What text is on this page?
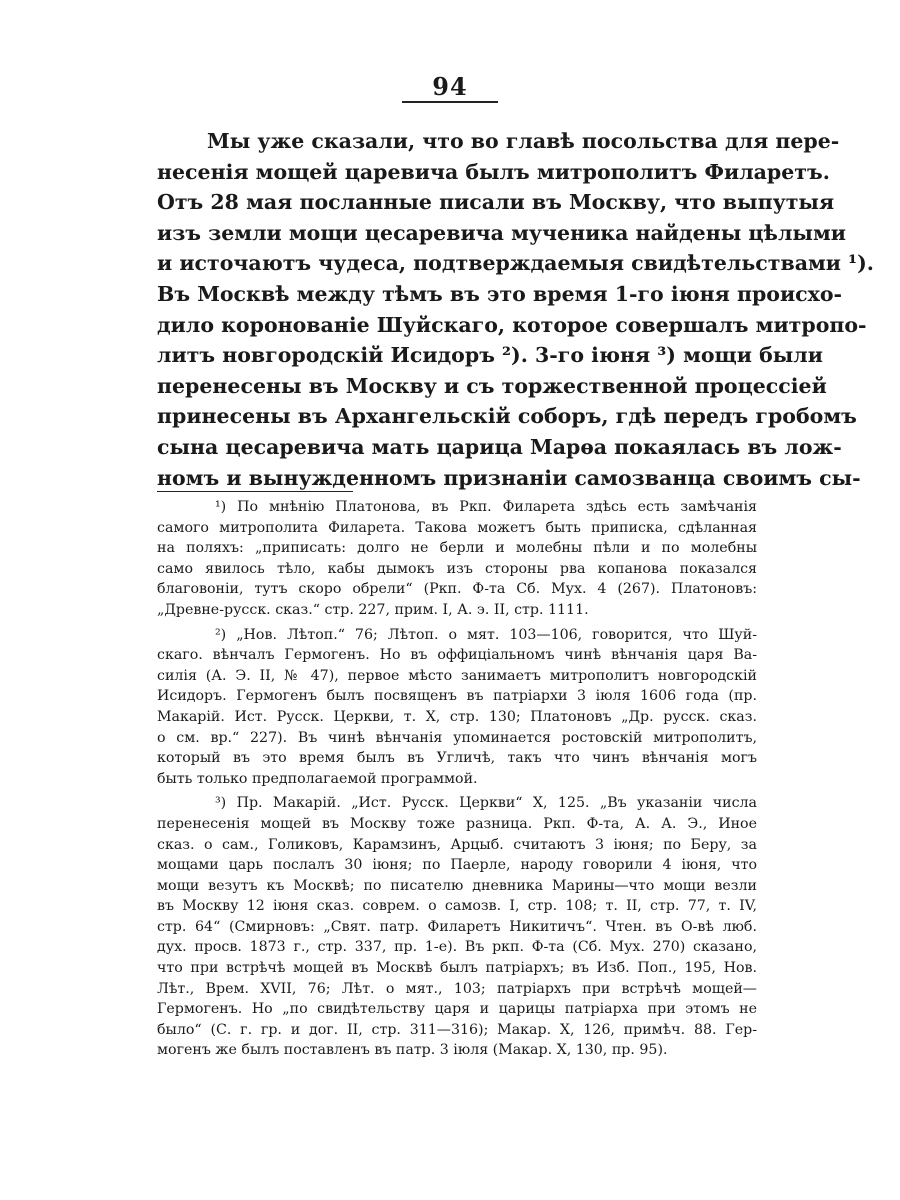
94
Мы уже сказали, что во главѣ посольства для пере-
несенія мощей царевича былъ митрополитъ Филаретъ.
Отъ 28 мая посланные писали въ Москву, что выпутыя
изъ земли мощи цесаревича мученика найдены цѣлыми
и источаютъ чудеса, подтверждаемыя свидѣтельствами ¹).
Въ Москвѣ между тѣмъ въ это время 1-го іюня происхо-
дило коронованіе Шуйскаго, которое совершалъ митропо-
литъ новгородскій Исидоръ ²). 3-го іюня ³) мощи были
перенесены въ Москву и съ торжественной процессіей
принесены въ Архангельскій соборъ, гдѣ передъ гробомъ
сына цесаревича мать царица Марѳа покаялась въ лож-
номъ и вынужденномъ признаніи самозванца своимъ сы-
¹) По мнѣнію Платонова, въ Ркп. Филарета здѣсь есть замѣчанія
самого митрополита Филарета. Такова можетъ быть приписка, сдѣланная
на поляхъ: „приписать: долго не берли и молебны пѣли и по молебны
само явилось тѣло, кабы дымокъ изъ стороны рва копанова показался
благовоніи, тутъ скоро обрели“ (Ркп. Ф-та Сб. Мух. 4 (267). Платоновъ:
„Древне-русск. сказ.“ стр. 227, прим. I, А. э. II, стр. 1111.
²) „Нов. Лѣтоп.“ 76; Лѣтоп. о мят. 103—106, говорится, что Шуй-
скаго. вѣнчалъ Гермогенъ. Но въ оффиціальномъ чинѣ вѣнчанія царя Ва-
силія (А. Э. II, № 47), первое мѣсто занимаетъ митрополитъ новгородскій
Исидоръ. Гермогенъ былъ посвященъ въ патріархи 3 іюля 1606 года (пр.
Макарій. Ист. Русск. Церкви, т. X, стр. 130; Платоновъ „Др. русск. сказ.
о см. вр.“ 227). Въ чинѣ вѣнчанія упоминается ростовскій митрополитъ,
который въ это время былъ въ Угличѣ, такъ что чинъ вѣнчанія могъ
быть только предполагаемой программой.
³) Пр. Макарій. „Ист. Русск. Церкви“ X, 125. „Въ указаніи числа
перенесенія мощей въ Москву тоже разница. Ркп. Ф-та, А. А. Э., Иное
сказ. о сам., Голиковъ, Карамзинъ, Арцыб. считаютъ 3 іюня; по Беру, за
мощами царь послалъ 30 іюня; по Паерле, народу говорили 4 іюня, что
мощи везутъ къ Москвѣ; по писателю дневника Марины—что мощи везли
въ Москву 12 іюня сказ. соврем. о самозв. I, стр. 108; т. II, стр. 77, т. IV,
стр. 64“ (Смирновъ: „Свят. патр. Филаретъ Никитичъ“. Чтен. въ О-вѣ люб.
дух. просв. 1873 г., стр. 337, пр. 1-е). Въ ркп. Ф-та (Сб. Мух. 270) сказано,
что при встрѣчѣ мощей въ Москвѣ былъ патріархъ; въ Изб. Поп., 195, Нов.
Лѣт., Врем. XVII, 76; Лѣт. о мят., 103; патріархъ при встрѣчѣ мощей—
Гермогенъ. Но „по свидѣтельству царя и царицы патріарха при этомъ не
было“ (С. г. гр. и дог. II, стр. 311—316); Макар. X, 126, примѣч. 88. Гер-
могенъ же былъ поставленъ въ патр. 3 іюля (Макар. X, 130, пр. 95).
